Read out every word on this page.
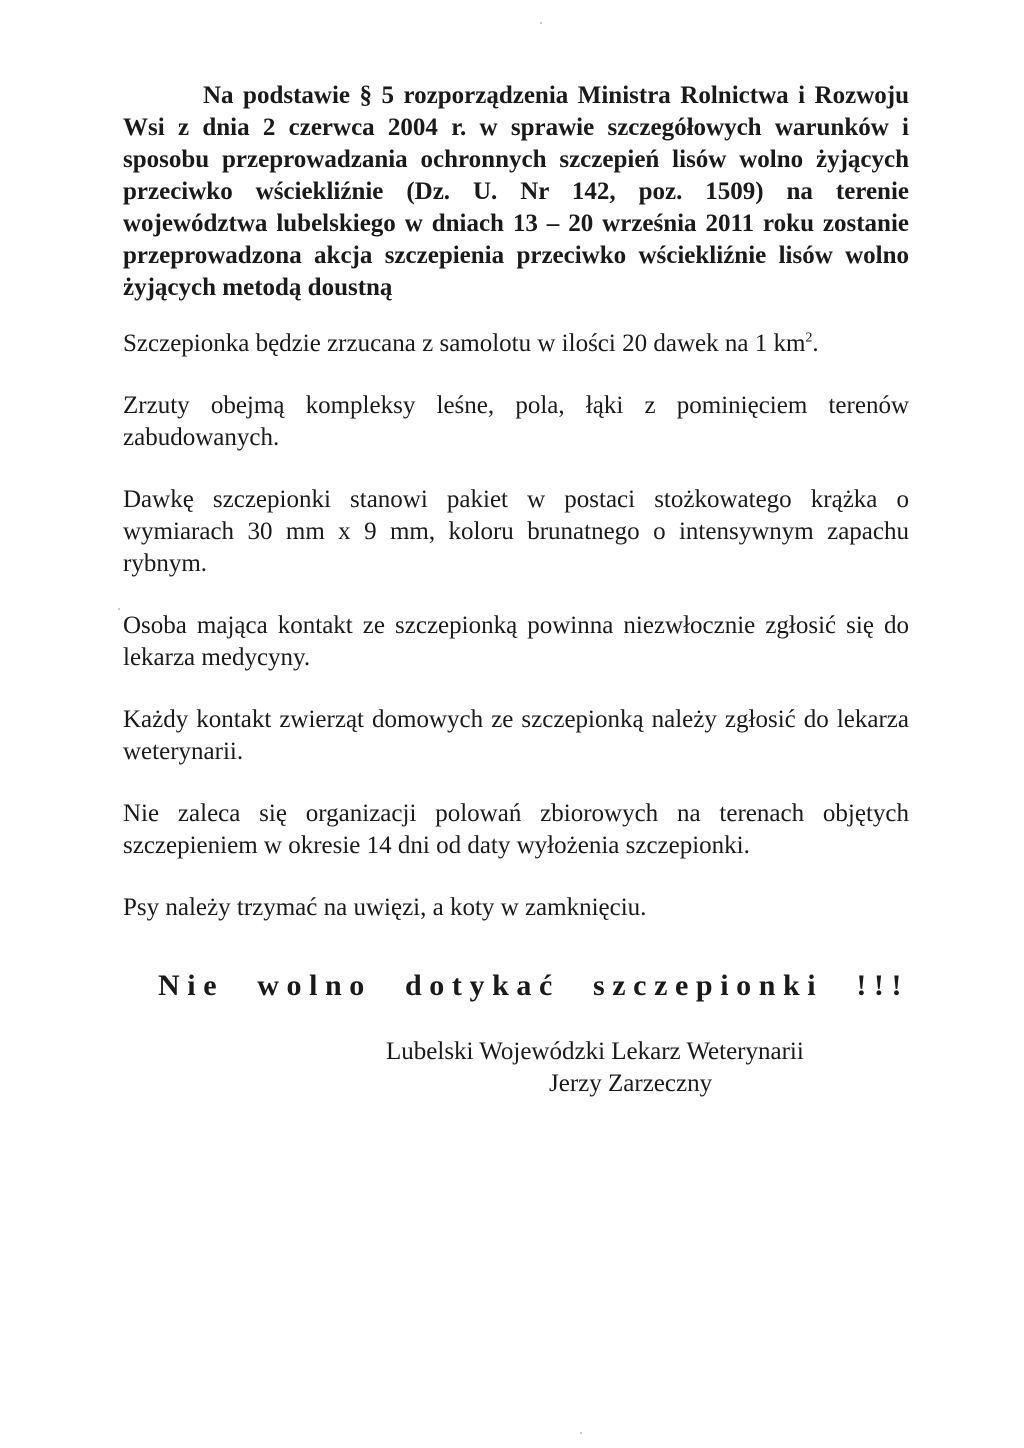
Na podstawie § 5 rozporządzenia Ministra Rolnictwa i Rozwoju Wsi z dnia 2 czerwca 2004 r. w sprawie szczegółowych warunków i sposobu przeprowadzania ochronnych szczepień lisów wolno żyjących przeciwko wściekliźnie (Dz. U. Nr 142, poz. 1509) na terenie województwa lubelskiego w dniach 13 – 20 września 2011 roku zostanie przeprowadzona akcja szczepienia przeciwko wściekliźnie lisów wolno żyjących metodą doustną

Szczepionka będzie zrzucana z samolotu w ilości 20 dawek na 1 $km^2$.

Zrzuty obejmą kompleksy leśne, pola, łąki z pominięciem terenów zabudowanych.

Dawkę szczepionki stanowi pakiet w postaci stożkowatego krążka o wymiarach 30 mm x 9 mm, koloru brunatnego o intensywnym zapachu rybnym.

Osoba mająca kontakt ze szczepionką powinna niezwłocznie zgłosić się do lekarza medycyny.

Każdy kontakt zwierząt domowych ze szczepionką należy zgłosić do lekarza weterynarii.

Nie zaleca się organizacji polowań zbiorowych na terenach objętych szczepieniem w okresie 14 dni od daty wyłożenia szczepionki.

Psy należy trzymać na uwięzi, a koty w zamknięciu.

Nie wolno dotykać szczepionki !!!

Lubelski Wojewódzki Lekarz Weterynarii

Jerzy Zarzeczny
